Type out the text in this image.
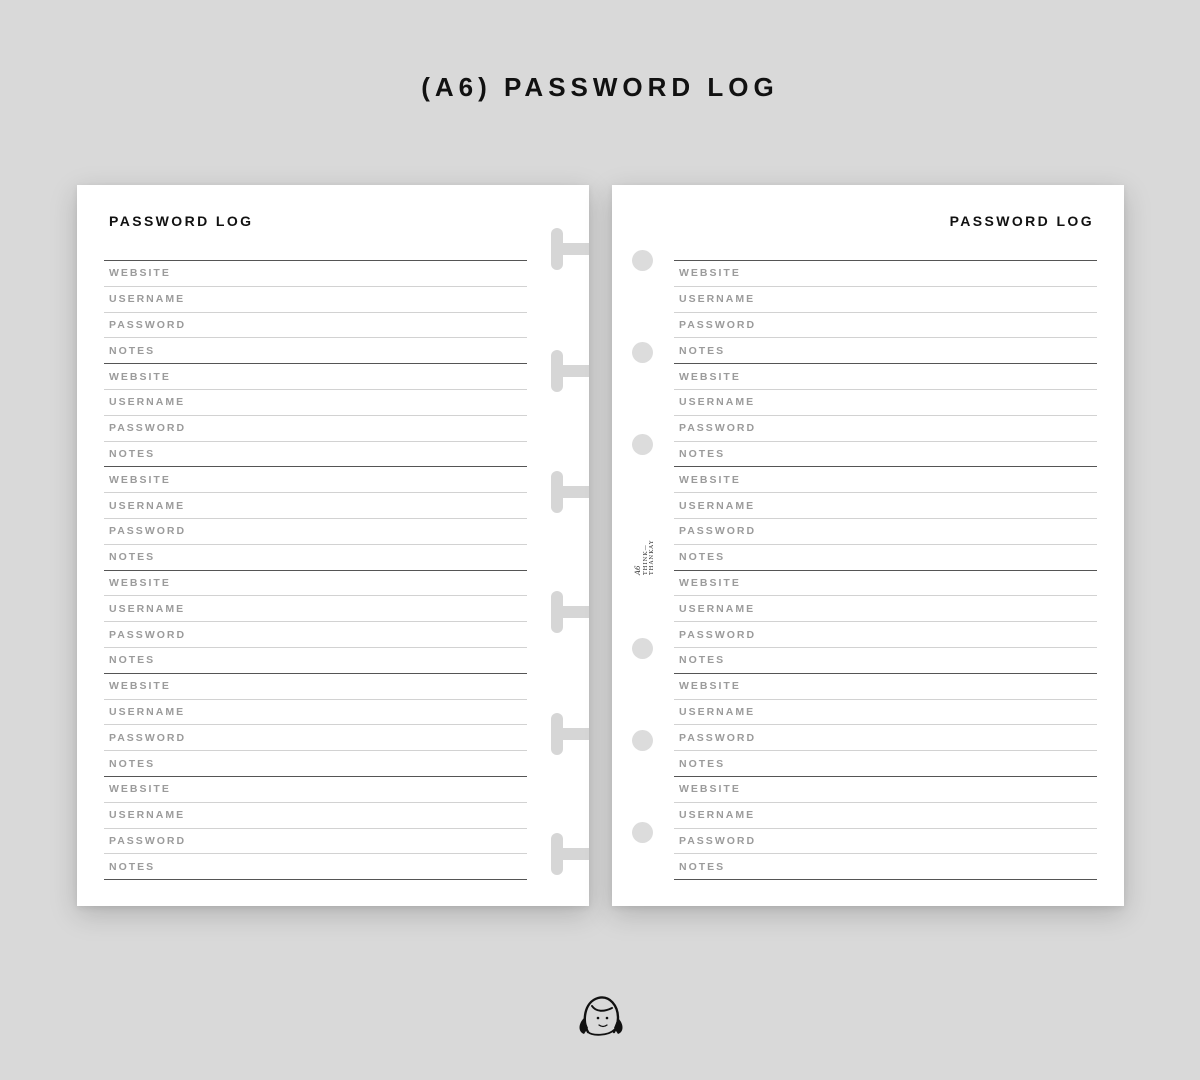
(A6) PASSWORD LOG
PASSWORD LOG
WEBSITE
USERNAME
PASSWORD
NOTES
WEBSITE
USERNAME
PASSWORD
NOTES
WEBSITE
USERNAME
PASSWORD
NOTES
WEBSITE
USERNAME
PASSWORD
NOTES
WEBSITE
USERNAME
PASSWORD
NOTES
WEBSITE
USERNAME
PASSWORD
NOTES
PASSWORD LOG
WEBSITE
USERNAME
PASSWORD
NOTES
WEBSITE
USERNAME
PASSWORD
NOTES
WEBSITE
USERNAME
PASSWORD
NOTES
WEBSITE
USERNAME
PASSWORD
NOTES
WEBSITE
USERNAME
PASSWORD
NOTES
WEBSITE
USERNAME
PASSWORD
NOTES
A6 THINK—THANKAY
